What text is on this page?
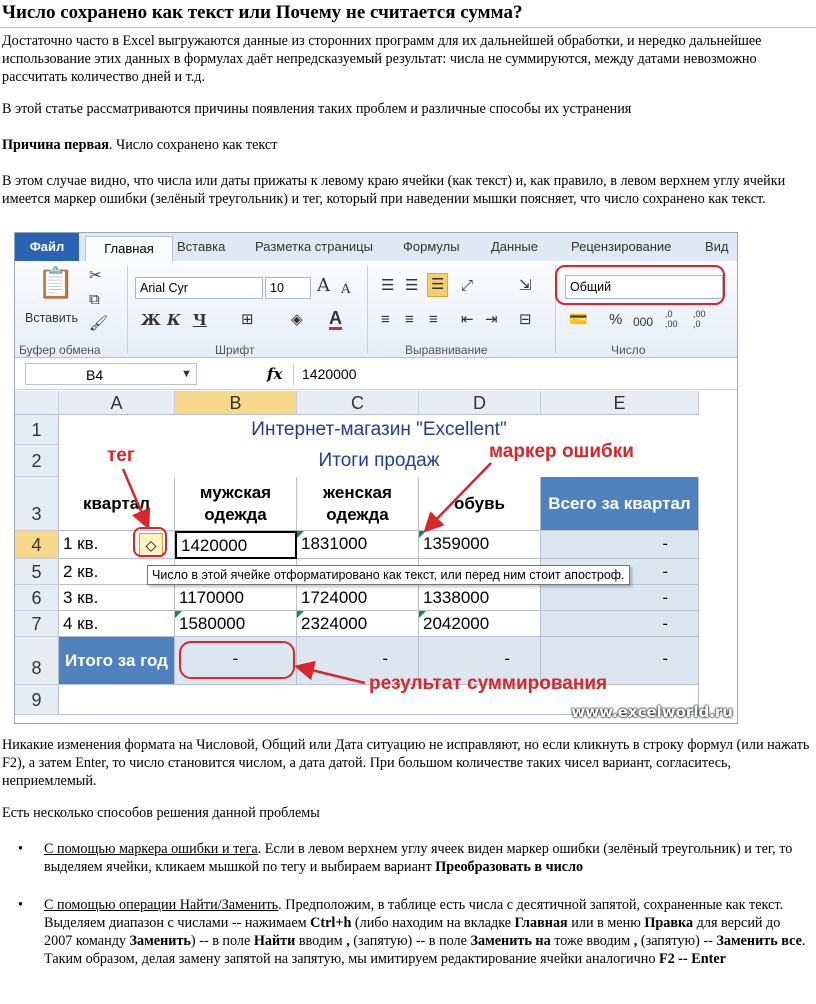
Число сохранено как текст или Почему не считается сумма?
Достаточно часто в Excel выгружаются данные из сторонних программ для их дальнейшей обработки, и нередко дальнейшее использование этих данных в формулах даёт непредсказуемый результат: числа не суммируются, между датами невозможно рассчитать количество дней и т.д.
В этой статье рассматриваются причины появления таких проблем и различные способы их устранения
Причина первая. Число сохранено как текст
В этом случае видно, что числа или даты прижаты к левому краю ячейки (как текст) и, как правило, в левом верхнем углу ячейки имеется маркер ошибки (зелёный треугольник) и тег, который при наведении мышки поясняет, что число сохранено как текст.
Файл	Главная	Вставка Разметка страницы Формулы Данные	Рецензирование	Вид
📋
Вставить
✂
⧉
🖌
Буфер обмена
Arial Cyr	10	A A
Ж К Ч ⊞ ◈ A
Шрифт
☰ ☰ ☰ ⤢	⇲
≡ ≡ ≡ ⇤ ⇥ ⊟
Выравнивание
Общий
💳 % 000
,0 ,00
,00 ,0
Число
B4	▼	fx	1420000
A	B	C	D	E
1
2
3
4
5
6
7
8
9
Интернет-магазин "Excellent"
Итоги продаж
квартал
мужская одежда
женская одежда
обувь	Всего за квартал
1 кв.	1420000	1831000	1359000	-
◇
2 кв.	-
3 кв.	1170000	1724000	1338000	-
4 кв.	1580000	2324000	2042000	-
Итого за год	-	-	-	-
Число в этой ячейке отформатировано как текст, или перед ним стоит апостроф.
тег	маркер ошибки
результат суммирования
www.excelworld.ru
Никакие изменения формата на Числовой, Общий или Дата ситуацию не исправляют, но если кликнуть в строку формул (или нажать F2), а затем Enter, то число становится числом, а дата датой. При большом количестве таких чисел вариант, согласитесь, неприемлемый.
Есть несколько способов решения данной проблемы
• С помощью маркера ошибки и тега. Если в левом верхнем углу ячеек виден маркер ошибки (зелёный треугольник) и тег, то выделяем ячейки, кликаем мышкой по тегу и выбираем вариант Преобразовать в число
• С помощью операции Найти/Заменить. Предположим, в таблице есть числа с десятичной запятой, сохраненные как текст. Выделяем диапазон с числами -- нажимаем Ctrl+h (либо находим на вкладке Главная или в меню Правка для версий до 2007 команду Заменить) -- в поле Найти вводим , (запятую) -- в поле Заменить на тоже вводим , (запятую) -- Заменить все. Таким образом, делая замену запятой на запятую, мы имитируем редактирование ячейки аналогично F2 -- Enter
